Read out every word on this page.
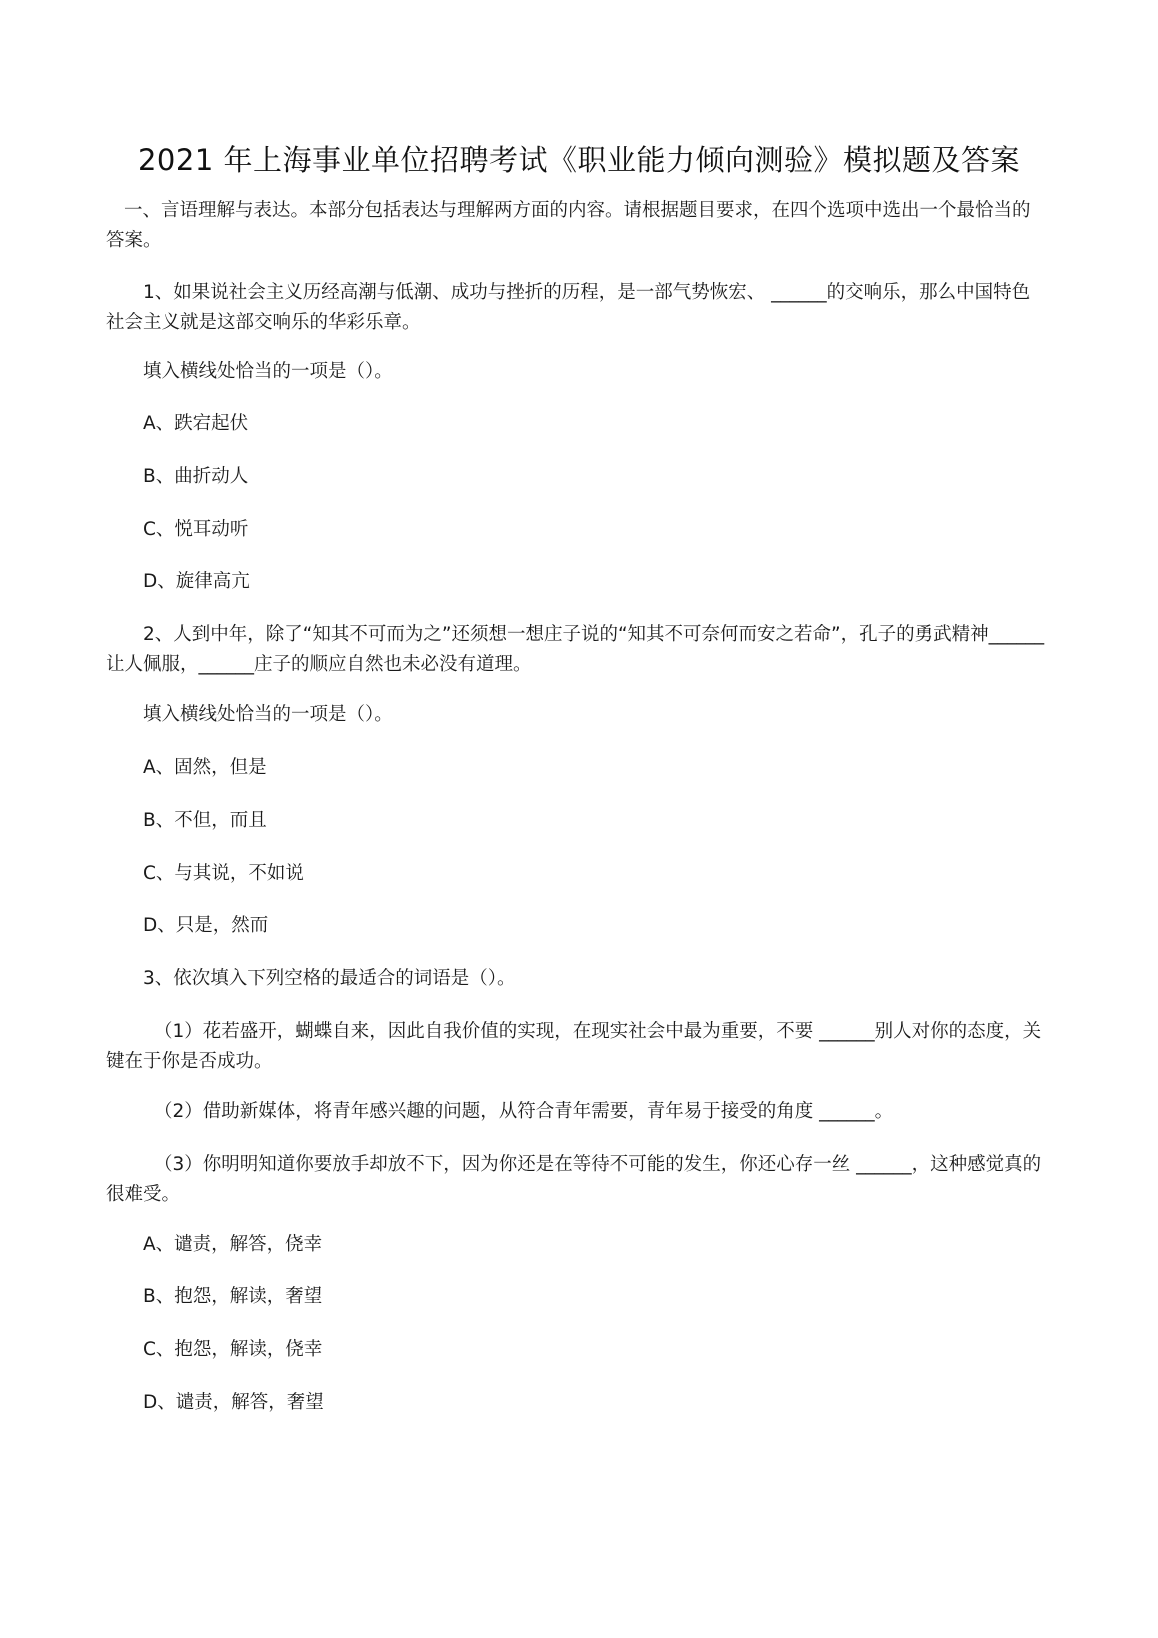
2021 年上海事业单位招聘考试《职业能力倾向测验》模拟题及答案
一、言语理解与表达。本部分包括表达与理解两方面的内容。请根据题目要求，在四个选项中选出一个最恰当的答案。
1、如果说社会主义历经高潮与低潮、成功与挫折的历程，是一部气势恢宏、 ______的交响乐，那么中国特色社会主义就是这部交响乐的华彩乐章。
填入横线处恰当的一项是（）。
A、跌宕起伏
B、曲折动人
C、悦耳动听
D、旋律高亢
2、人到中年，除了“知其不可而为之”还须想一想庄子说的“知其不可奈何而安之若命”，孔子的勇武精神______让人佩服，______庄子的顺应自然也未必没有道理。
填入横线处恰当的一项是（）。
A、固然，但是
B、不但，而且
C、与其说，不如说
D、只是，然而
3、依次填入下列空格的最适合的词语是（）。
（1）花若盛开，蝴蝶自来，因此自我价值的实现，在现实社会中最为重要，不要 ______别人对你的态度，关键在于你是否成功。
（2）借助新媒体，将青年感兴趣的问题，从符合青年需要，青年易于接受的角度 ______。
（3）你明明知道你要放手却放不下，因为你还是在等待不可能的发生，你还心存一丝 ______，这种感觉真的很难受。
A、谴责，解答，侥幸
B、抱怨，解读，奢望
C、抱怨，解读，侥幸
D、谴责，解答，奢望
